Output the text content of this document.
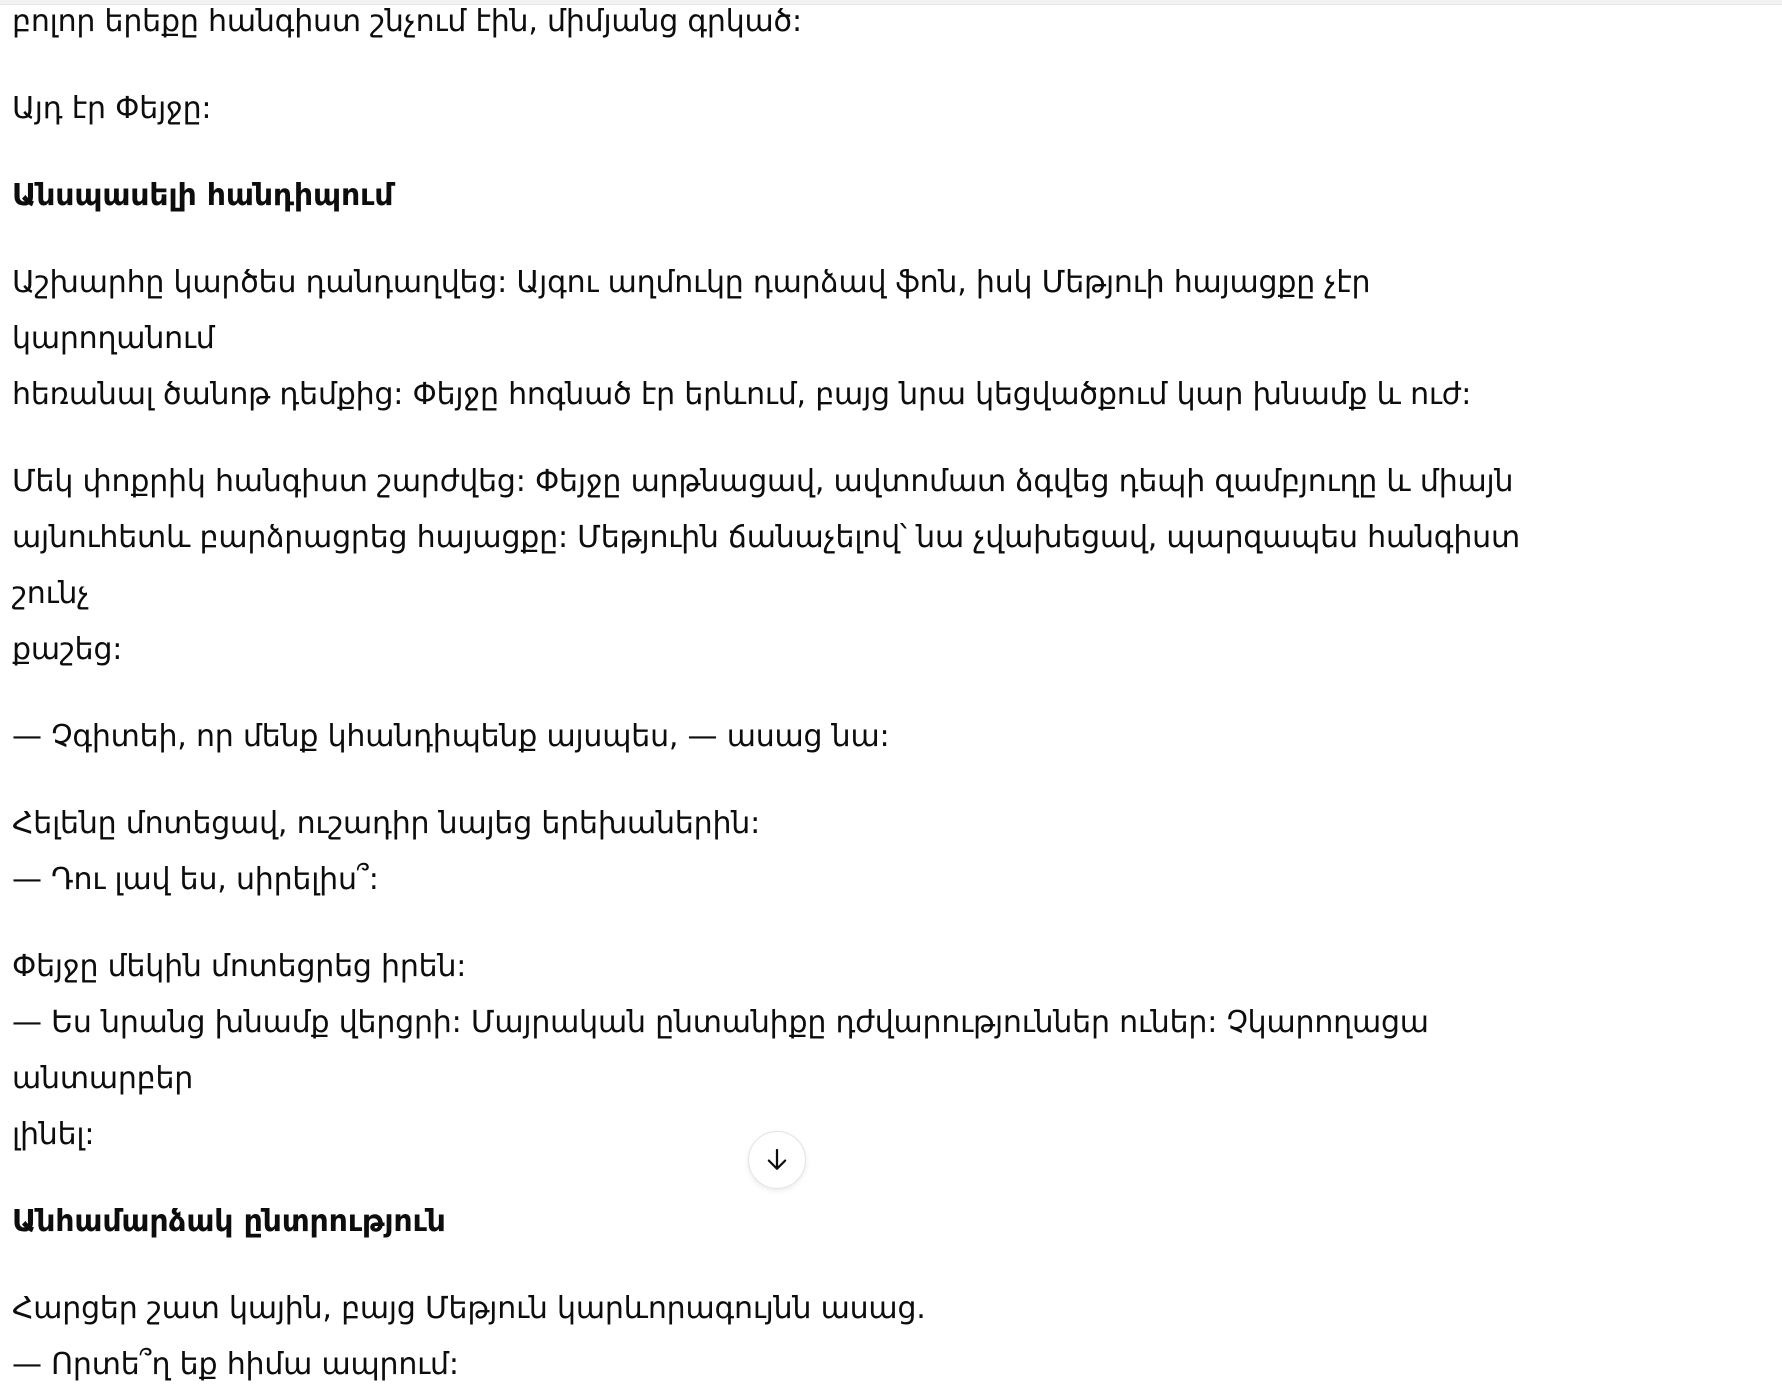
բոլոր երեքը հանգիստ շնչում էին, միմյանց գրկած:

Այդ էր Փեյջը:

Անսպասելի հանդիպում

Աշխարհը կարծես դանդաղվեց: Այգու աղմուկը դարձավ ֆոն, իսկ Մեթյուի հայացքը չէր կարողանում
հեռանալ ծանոթ դեմքից: Փեյջը հոգնած էր երևում, բայց նրա կեցվածքում կար խնամք և ուժ:

Մեկ փոքրիկ հանգիստ շարժվեց: Փեյջը արթնացավ, ավտոմատ ձգվեց դեպի զամբյուղը և միայն
այնուհետև բարձրացրեց հայացքը: Մեթյուին ճանաչելով՝ նա չվախեցավ, պարզապես հանգիստ շունչ
քաշեց:

— Չգիտեի, որ մենք կհանդիպենք այսպես, — ասաց նա:

Հելենը մոտեցավ, ուշադիր նայեց երեխաներին:
— Դու լավ ես, սիրելիս՞:

Փեյջը մեկին մոտեցրեց իրեն:
— Ես նրանց խնամք վերցրի: Մայրական ընտանիքը դժվարություններ ուներ: Չկարողացա անտարբեր
լինել:

Անհամարձակ ընտրություն

Հարցեր շատ կային, բայց Մեթյուն կարևորագույնն ասաց.
— Որտե՞ղ եք հիմա ապրում:
